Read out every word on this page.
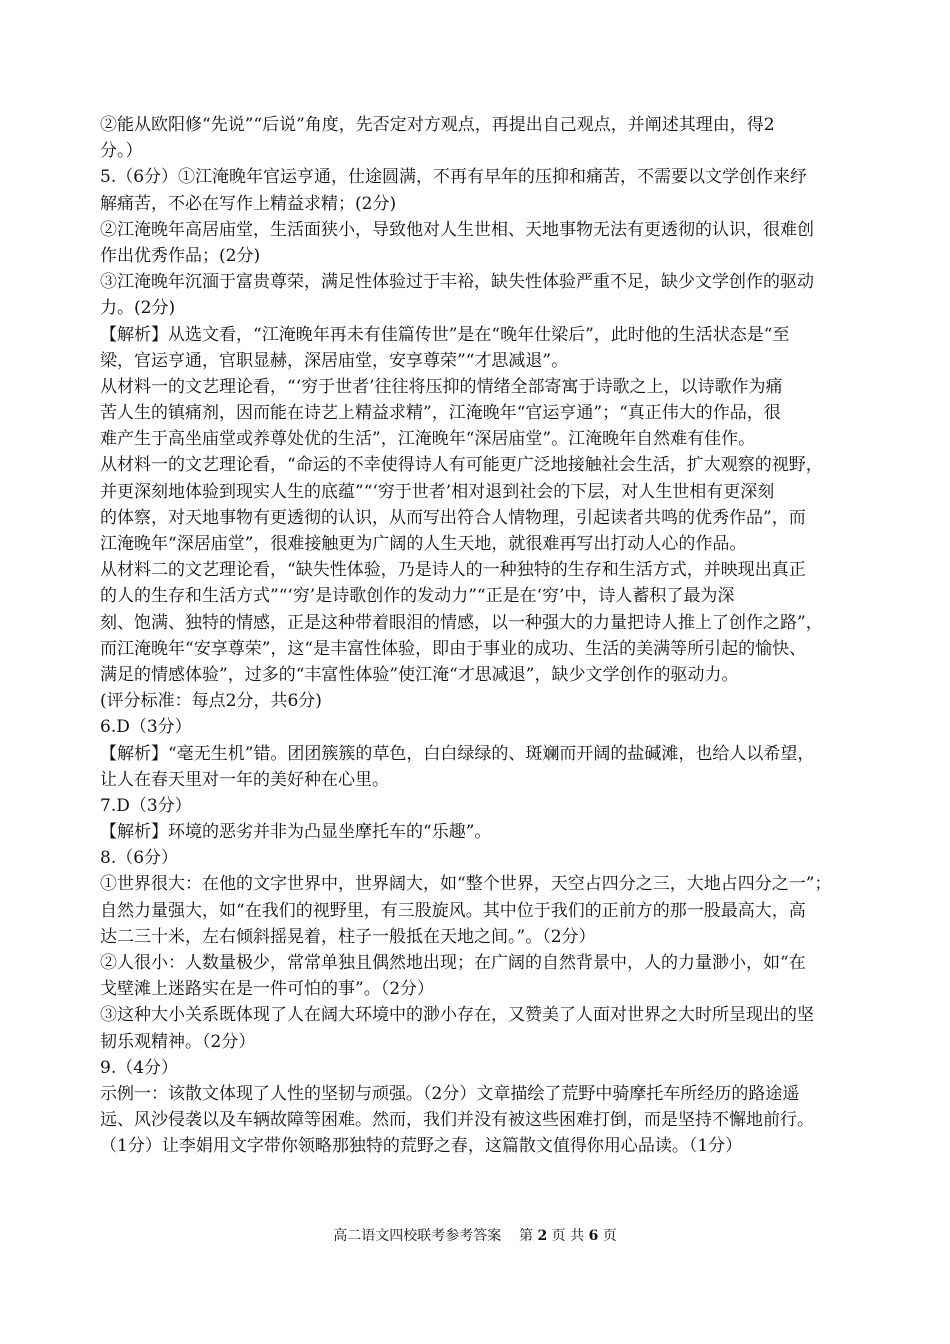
②能从欧阳修“先说”“后说”角度，先否定对方观点，再提出自己观点，并阐述其理由，得2
分。）
5.（6分）①江淹晚年官运亨通，仕途圆满，不再有早年的压抑和痛苦，不需要以文学创作来纾
解痛苦，不必在写作上精益求精；(2分)
②江淹晚年高居庙堂，生活面狭小，导致他对人生世相、天地事物无法有更透彻的认识，很难创
作出优秀作品；(2分)
③江淹晚年沉湎于富贵尊荣，满足性体验过于丰裕，缺失性体验严重不足，缺少文学创作的驱动
力。(2分)
【解析】从选文看，“江淹晚年再未有佳篇传世”是在“晚年仕梁后”，此时他的生活状态是“至
梁，官运亨通，官职显赫，深居庙堂，安享尊荣”“才思减退”。
从材料一的文艺理论看，“‘穷于世者’往往将压抑的情绪全部寄寓于诗歌之上，以诗歌作为痛
苦人生的镇痛剂，因而能在诗艺上精益求精”，江淹晚年“官运亨通”；“真正伟大的作品，很
难产生于高坐庙堂或养尊处优的生活”，江淹晚年“深居庙堂”。江淹晚年自然难有佳作。
从材料一的文艺理论看，“命运的不幸使得诗人有可能更广泛地接触社会生活，扩大观察的视野，
并更深刻地体验到现实人生的底蕴”“‘穷于世者’相对退到社会的下层，对人生世相有更深刻
的体察，对天地事物有更透彻的认识，从而写出符合人情物理，引起读者共鸣的优秀作品”，而
江淹晚年“深居庙堂”，很难接触更为广阔的人生天地，就很难再写出打动人心的作品。
从材料二的文艺理论看，“缺失性体验，乃是诗人的一种独特的生存和生活方式，并映现出真正
的人的生存和生活方式”“‘穷’是诗歌创作的发动力”“正是在‘穷’中，诗人蓄积了最为深
刻、饱满、独特的情感，正是这种带着眼泪的情感，以一种强大的力量把诗人推上了创作之路”，
而江淹晚年“安享尊荣”，这“是丰富性体验，即由于事业的成功、生活的美满等所引起的愉快、
满足的情感体验”，过多的“丰富性体验”使江淹“才思减退”，缺少文学创作的驱动力。
(评分标准：每点2分，共6分)
6.D（3分）
【解析】“毫无生机”错。团团簇簇的草色，白白绿绿的、斑斓而开阔的盐碱滩，也给人以希望，
让人在春天里对一年的美好种在心里。
7.D（3分）
【解析】环境的恶劣并非为凸显坐摩托车的“乐趣”。
8.（6分）
①世界很大：在他的文字世界中，世界阔大，如“整个世界，天空占四分之三，大地占四分之一”；
自然力量强大，如“在我们的视野里，有三股旋风。其中位于我们的正前方的那一股最高大，高
达二三十米，左右倾斜摇晃着，柱子一般抵在天地之间。”。（2分）
②人很小：人数量极少，常常单独且偶然地出现；在广阔的自然背景中，人的力量渺小，如“在
戈壁滩上迷路实在是一件可怕的事”。（2分）
③这种大小关系既体现了人在阔大环境中的渺小存在，又赞美了人面对世界之大时所呈现出的坚
韧乐观精神。（2分）
9.（4分）
示例一：该散文体现了人性的坚韧与顽强。（2分）文章描绘了荒野中骑摩托车所经历的路途遥
远、风沙侵袭以及车辆故障等困难。然而，我们并没有被这些困难打倒，而是坚持不懈地前行。
（1分）让李娟用文字带你领略那独特的荒野之春，这篇散文值得你用心品读。（1分）
高二语文四校联考参考答案 第 2 页 共 6 页
